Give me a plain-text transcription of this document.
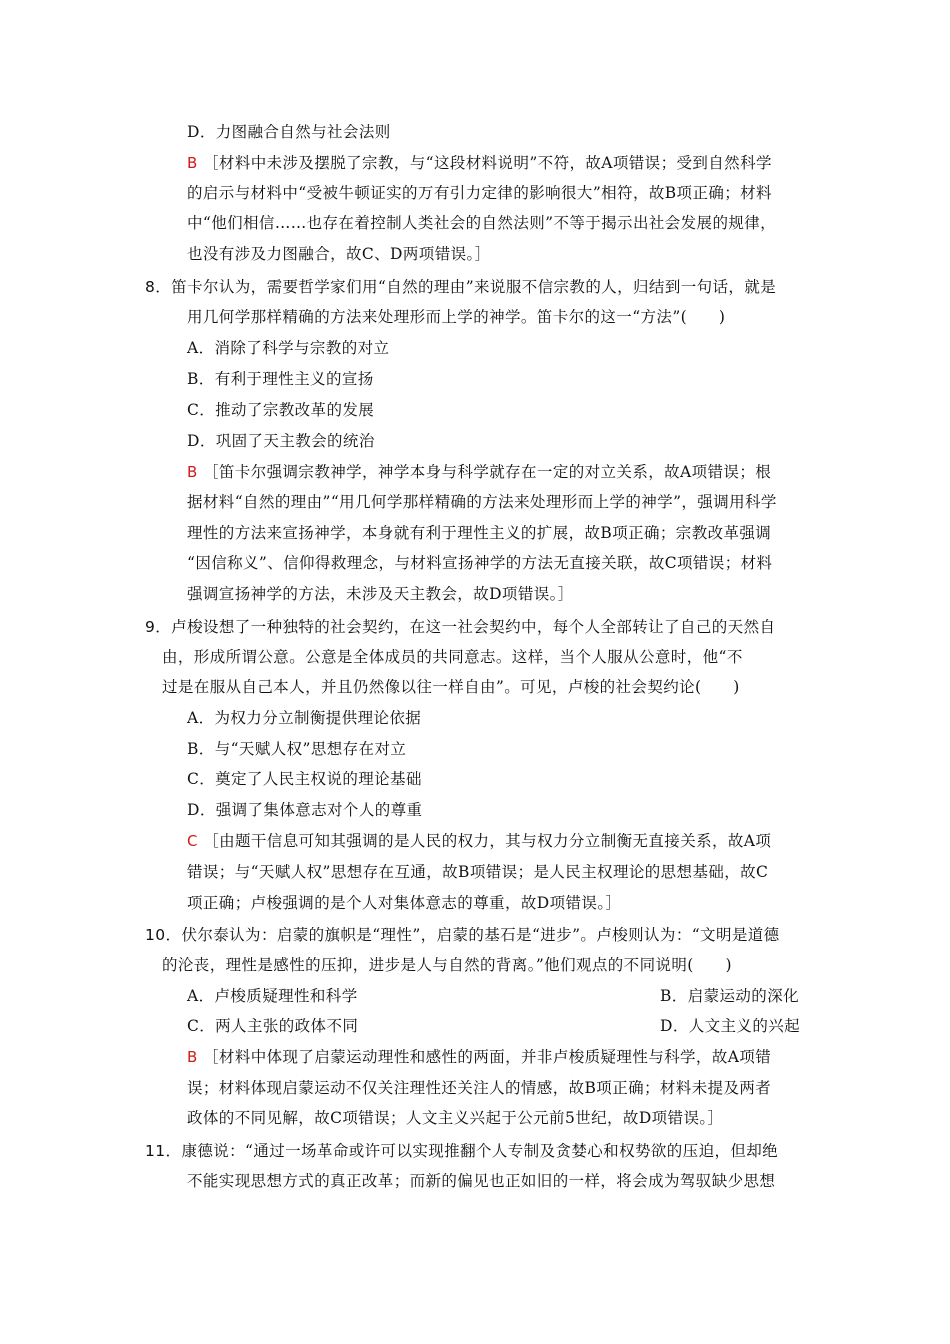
D．力图融合自然与社会法则
B ［材料中未涉及摆脱了宗教，与“这段材料说明”不符，故A项错误；受到自然科学
的启示与材料中“受被牛顿证实的万有引力定律的影响很大”相符，故B项正确；材料
中“他们相信……也存在着控制人类社会的自然法则”不等于揭示出社会发展的规律，
也没有涉及力图融合，故C、D两项错误。］
8．笛卡尔认为，需要哲学家们用“自然的理由”来说服不信宗教的人，归结到一句话，就是
用几何学那样精确的方法来处理形而上学的神学。笛卡尔的这一“方法”(　　)
A．消除了科学与宗教的对立
B．有利于理性主义的宣扬
C．推动了宗教改革的发展
D．巩固了天主教会的统治
B ［笛卡尔强调宗教神学，神学本身与科学就存在一定的对立关系，故A项错误；根
据材料“自然的理由”“用几何学那样精确的方法来处理形而上学的神学”，强调用科学
理性的方法来宣扬神学，本身就有利于理性主义的扩展，故B项正确；宗教改革强调
“因信称义”、信仰得救理念，与材料宣扬神学的方法无直接关联，故C项错误；材料
强调宣扬神学的方法，未涉及天主教会，故D项错误。］
9．卢梭设想了一种独特的社会契约，在这一社会契约中，每个人全部转让了自己的天然自
由，形成所谓公意。公意是全体成员的共同意志。这样，当个人服从公意时，他“不
过是在服从自己本人，并且仍然像以往一样自由”。可见，卢梭的社会契约论(　　)
A．为权力分立制衡提供理论依据
B．与“天赋人权”思想存在对立
C．奠定了人民主权说的理论基础
D．强调了集体意志对个人的尊重
C ［由题干信息可知其强调的是人民的权力，其与权力分立制衡无直接关系，故A项
错误；与“天赋人权”思想存在互通，故B项错误；是人民主权理论的思想基础，故C
项正确；卢梭强调的是个人对集体意志的尊重，故D项错误。］
10．伏尔泰认为：启蒙的旗帜是“理性”，启蒙的基石是“进步”。卢梭则认为：“文明是道德
的沦丧，理性是感性的压抑，进步是人与自然的背离。”他们观点的不同说明(　　)
A．卢梭质疑理性和科学	B．启蒙运动的深化
C．两人主张的政体不同	D．人文主义的兴起
B ［材料中体现了启蒙运动理性和感性的两面，并非卢梭质疑理性与科学，故A项错
误；材料体现启蒙运动不仅关注理性还关注人的情感，故B项正确；材料未提及两者
政体的不同见解，故C项错误；人文主义兴起于公元前5世纪，故D项错误。］
11．康德说：“通过一场革命或许可以实现推翻个人专制及贪婪心和权势欲的压迫，但却绝
不能实现思想方式的真正改革；而新的偏见也正如旧的一样，将会成为驾驭缺少思想
